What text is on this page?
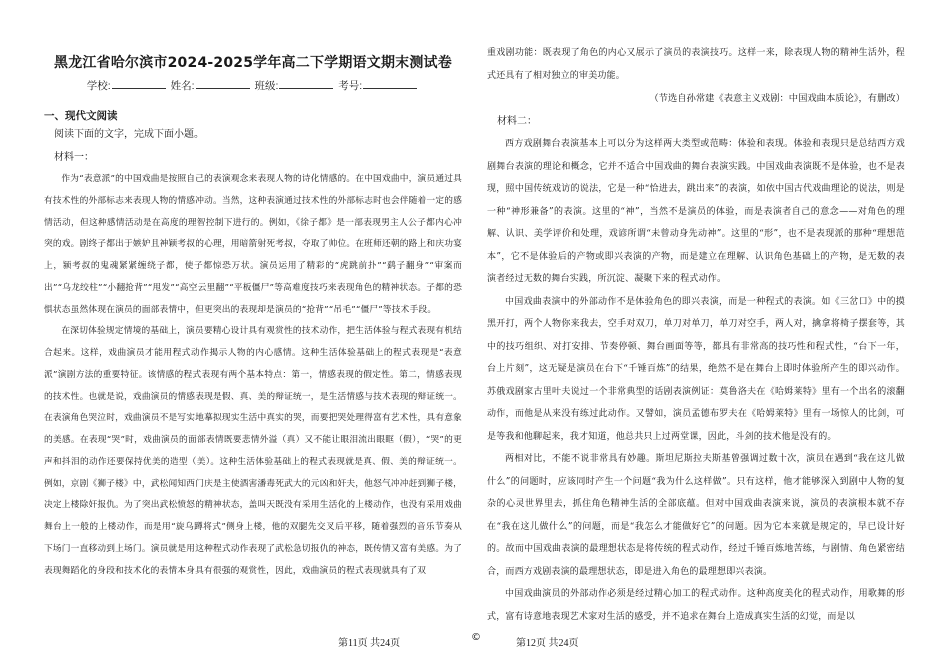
黑龙江省哈尔滨市2024-2025学年高二下学期语文期末测试卷
学校:	姓名:	班级:	考号:
一、现代文阅读

阅读下面的文字，完成下面小题。

材料一：

作为“表意派”的中国戏曲是按照自己的表演观念来表现人物的诗化情感的。在中国戏曲中，演员通过具有技术性的外部标志来表现人物的情感冲动。当然，这种表演通过技术性的外部标志时也会伴随着一定的感情活动，但这种感情活动是在高度的理智控制下进行的。例如，《徐子都》是一部表现男主人公子都内心冲突的戏。剧终子都出于嫉妒且神颖考叔的心理，用暗箭射死考叔，夺取了帅位。在班师还朝的路上和庆功宴上，颍考叔的鬼魂紧紧缠绕子都，使子都惊恐万状。演员运用了精彩的“虎跳前扑”“鹞子翻身”“审案而出”“乌龙绞柱”“小翻抢背”“甩发”“高空云里翻”“平板僵尸”等高难度技巧来表现角色的精神状态。子都的恐惧状态虽然体现在演员的面部表情中，但更突出的表现却是演员的“抢背”“吊毛”“僵尸”等技术手段。

在深切体验规定情境的基础上，演员要精心设计具有观赏性的技术动作，把生活体验与程式表现有机结合起来。这样，戏曲演员才能用程式动作揭示人物的内心感情。这种生活体验基础上的程式表现是“表意派”演剧方法的重要特征。该情感的程式表现有两个基本特点：第一，情感表现的假定性。第二，情感表现的技术性。也就是说，戏曲演员的情感表现是假、真、美的辩证统一，是生活情感与技术表现的辩证统一。在表演角色哭泣时，戏曲演员不是写实地摹拟现实生活中真实的哭，而要把哭处理得富有艺术性，具有意象的美感。在表现“哭”时，戏曲演员的面部表情既要悲情外溢（真）又不能让眼泪流出眼眶（假），“哭”的更声和抖泪的动作还要保持优美的造型（美）。这种生活体验基础上的程式表现就是真、假、美的辩证统一。例如，京剧《狮子楼》中，武松闻知西门庆是主使酒害潘毒死武大的元凶和奸夫，他怒气冲冲赶到狮子楼，决定上楼除奸报仇。为了突出武松愤怒的精神状态，盖叫天既没有采用生活化的上楼动作，也没有采用戏曲舞台上一般的上楼动作，而是用“旋乌蹲将式”侧身上楼，他的双腿先交叉后平移，随着强烈的音乐节奏从下场门一直移动到上场门。演员就是用这种程式动作表现了武松急切报仇的神态，既传情又富有美感。为了表现舞蹈化的身段和技术化的表情本身具有很强的观赏性，因此，戏曲演员的程式表现就具有了双

重戏剧功能：既表现了角色的内心又展示了演员的表演技巧。这样一来，除表现人物的精神生活外，程式还具有了相对独立的审美功能。

（节选自孙常建《表意主义戏剧：中国戏曲本质论》，有删改）

材料二：

西方戏剧舞台表演基本上可以分为这样两大类型或范畴：体验和表现。体验和表现只是总结西方戏剧舞台表演的理论和概念，它并不适合中国戏曲的舞台表演实践。中国戏曲表演既不是体验，也不是表现，照中国传统戏访的说法，它是一种“恰进去，跳出来”的表演，如依中国古代戏曲理论的说法，则是一种“神形兼备”的表演。这里的“神”，当然不是演员的体验，而是表演者自己的意念——对角色的理解、认识、美学评价和处理，戏谚所谓“未曾动身先动神”。这里的“形”，也不是表现派的那种“理想范本”，它不是体验后的产物或即兴表演的产物，而是建立在理解、认识角色基础上的产物，是无数的表演者经过无数的舞台实践，所沉淀、凝聚下来的程式动作。

中国戏曲表演中的外部动作不是体验角色的即兴表演，而是一种程式的表演。如《三岔口》中的摸黑开打，两个人物你来我去，空手对双刀，单刀对单刀，单刀对空手，两人对，擒拿将椅子摆套等，其中的技巧组织、对打安排、节奏停顿、舞台画面等等，都具有非常高的技巧性和程式性，“台下一年，台上片刻”，这无疑是演员在台下“千锤百炼”的结果，绝然不是在舞台上即时体验所产生的即兴动作。苏俄戏剧家古里叶夫说过一个非常典型的话剧表演例证：莫鲁洛夫在《哈姆莱特》里有一个出名的滚翻动作，而他是从来没有练过此动作。又譬如，演员孟德布罗夫在《哈姆莱特》里有一场惊人的比剑，可是等我和他聊起来，我才知道，他总共只上过两堂课，因此，斗剑的技术他是没有的。

两相对比，不能不说非常具有妙趣。斯坦尼斯拉夫斯基曾强调过数十次，演员在遇到“我在这儿做什么”的问题时，应该同时产生一个问题“我为什么这样做”。只有这样，他才能够深入到剧中人物的复杂的心灵世界里去，抓住角色精神生活的全部底蕴。但对中国戏曲表演来说，演员的表演根本就不存在“我在这儿做什么”的问题，而是“我怎么才能做好它”的问题。因为它本来就是规定的，早已设计好的。故而中国戏曲表演的最理想状态是将传统的程式动作，经过千锤百炼地苦练，与剧情、角色紧密结合，而西方戏剧表演的最理想状态，即是进入角色的最理想即兴表演。

中国戏曲演员的外部动作必须是经过精心加工的程式动作。这种高度美化的程式动作，用歌舞的形式，富有诗意地表现艺术家对生活的感受，并不追求在舞台上造成真实生活的幻觉，而是以

第11页 共24页
©
第12页 共24页
